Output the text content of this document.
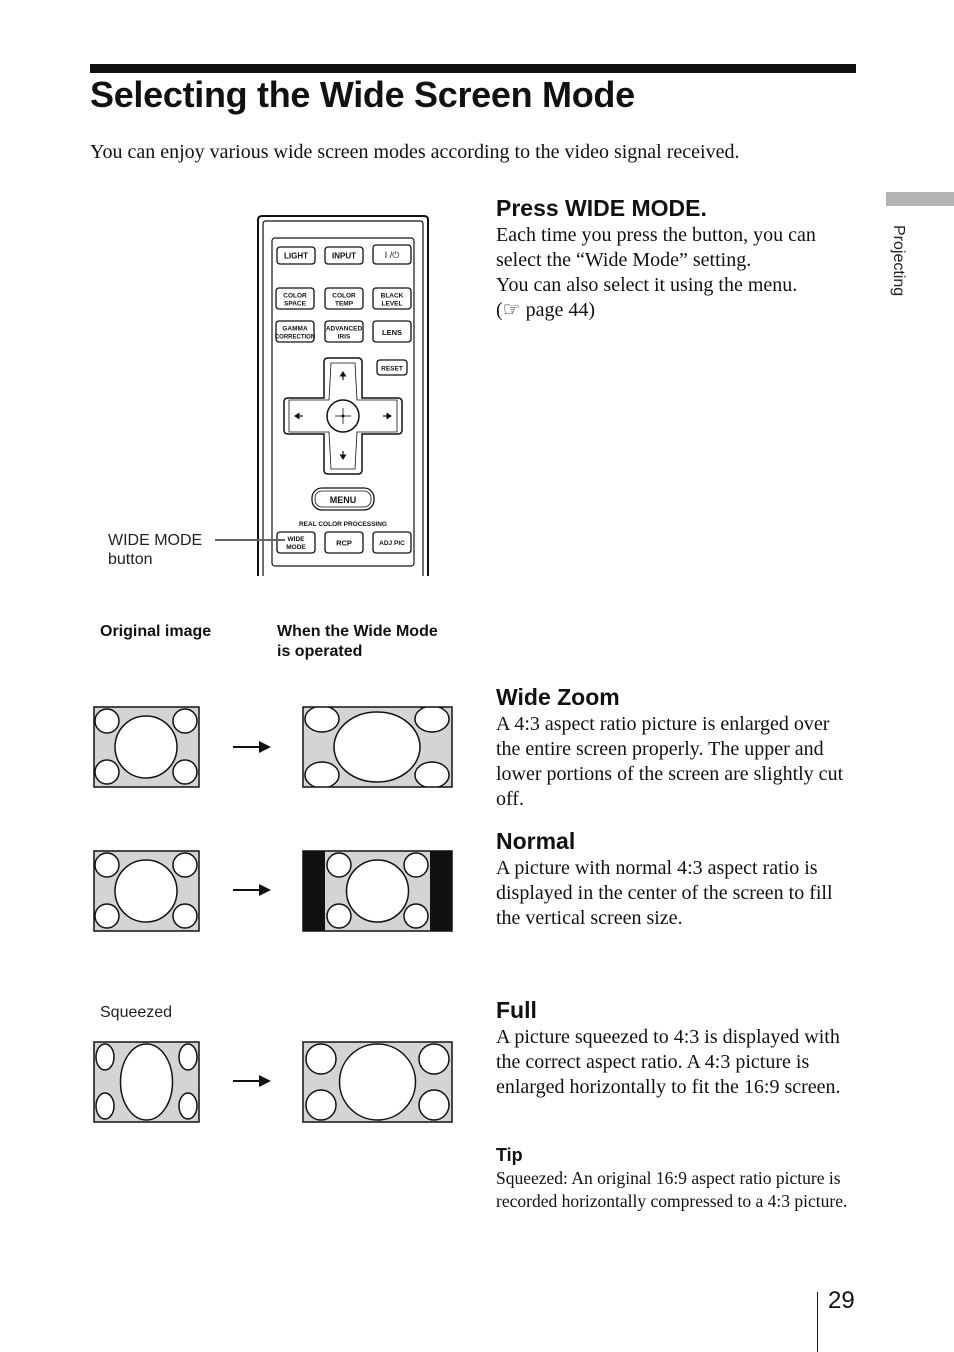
Selecting the Wide Screen Mode

You can enjoy various wide screen modes according to the video signal received.

Projecting
LIGHT	INPUT	I /⏻
COLOR
SPACE
COLOR
TEMP
BLACK
LEVEL
GAMMA
CORRECTION
ADVANCED
IRIS	LENS
RESET
MENU
REAL COLOR PROCESSING
WIDE
MODE	RCP	ADJ PIC
WIDE MODE
button
Original image	When the Wide Mode
is operated
Squeezed
Press WIDE MODE.
Each time you press the button, you can select the “Wide Mode” setting.
You can also select it using the menu.
(☞ page 44)
Wide Zoom
A 4:3 aspect ratio picture is enlarged over the entire screen properly. The upper and lower portions of the screen are slightly cut off.
Normal
A picture with normal 4:3 aspect ratio is displayed in the center of the screen to fill the vertical screen size.
Full
A picture squeezed to 4:3 is displayed with the correct aspect ratio. A 4:3 picture is enlarged horizontally to fit the 16:9 screen.
Tip
Squeezed: An original 16:9 aspect ratio picture is recorded horizontally compressed to a 4:3 picture.
29
